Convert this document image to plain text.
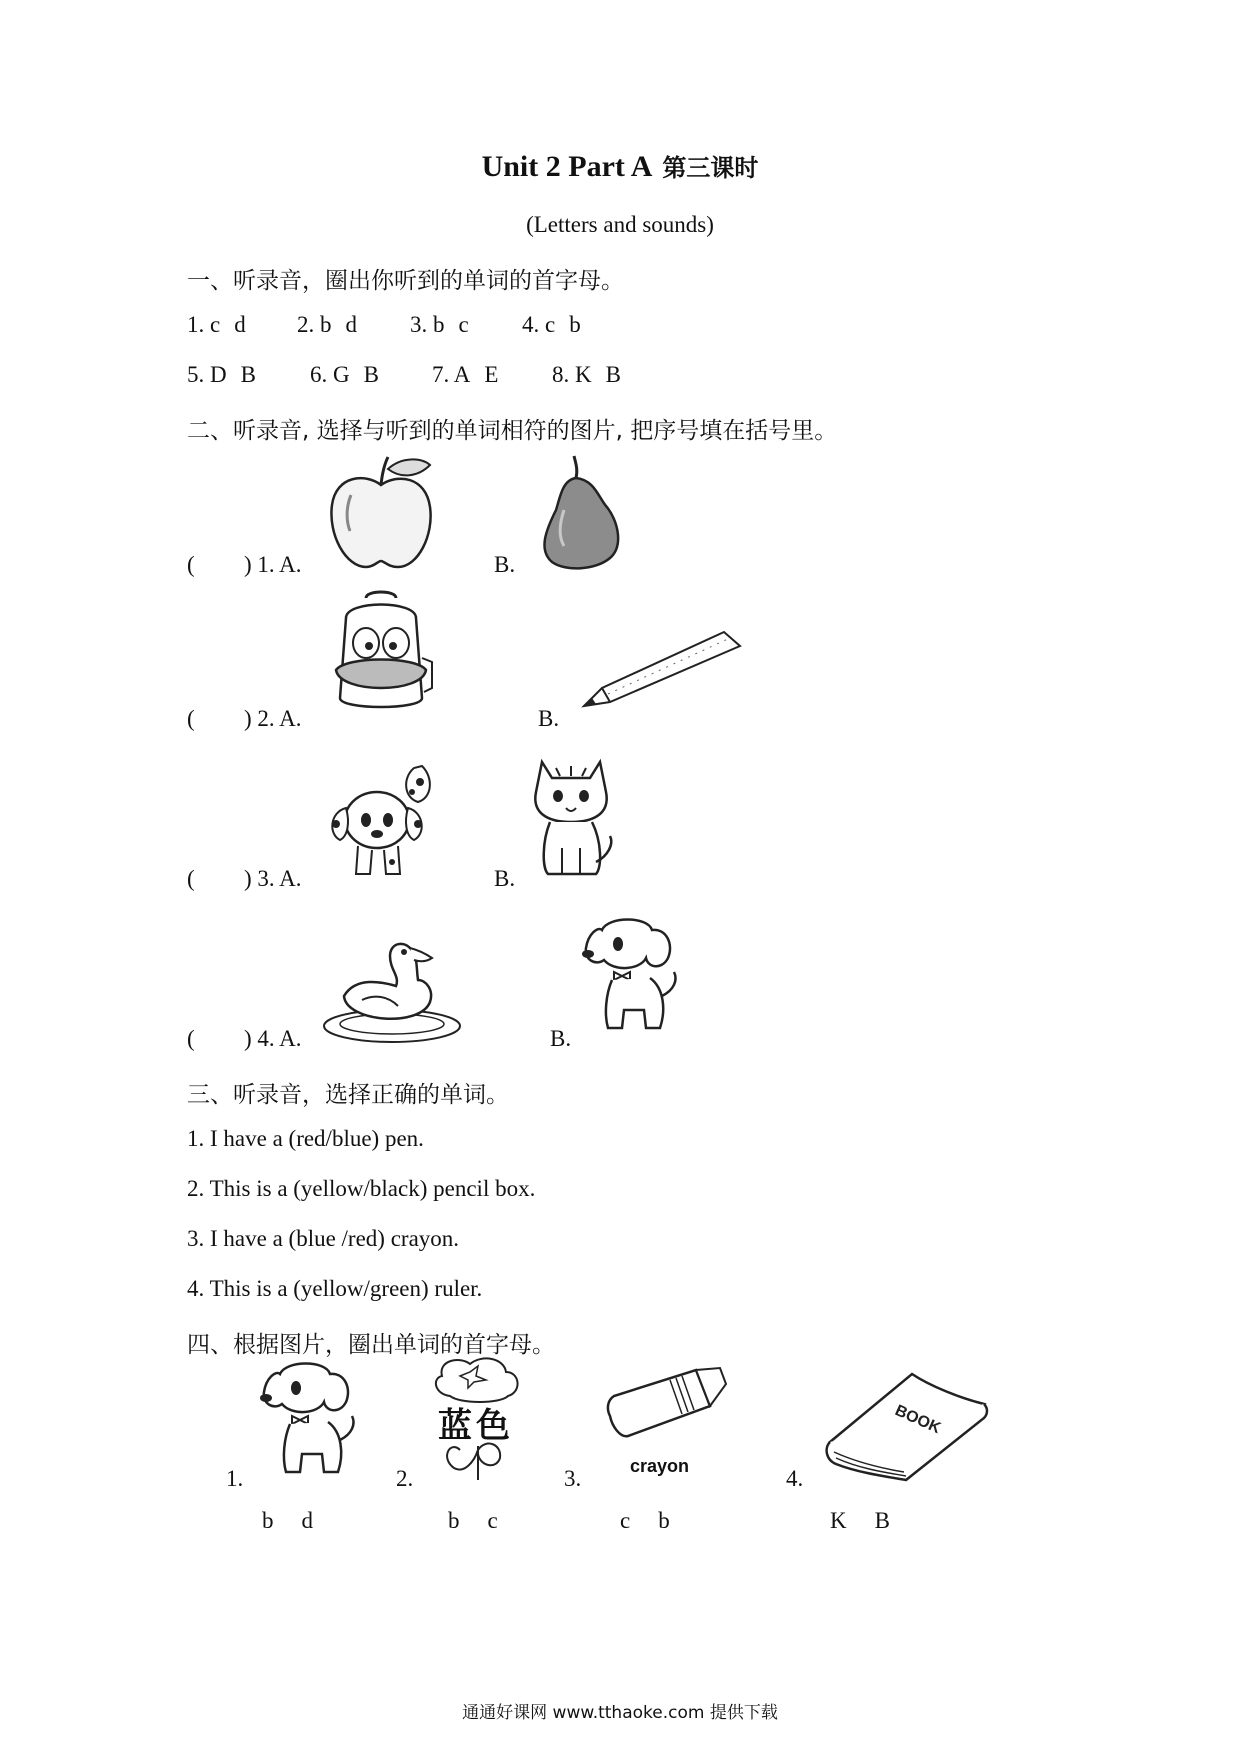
Unit 2 Part A 第三课时
(Letters and sounds)
一、听录音，圈出你听到的单词的首字母。
1. c d 2. b d 3. b c 4. c b
5. D B 6. G B 7. A E 8. K B
二、听录音, 选择与听到的单词相符的图片, 把序号填在括号里。
( ) 1. A.	B.
( ) 2. A.	B.
( ) 3. A.	B.
( ) 4. A.	B.
三、听录音，选择正确的单词。
1. I have a (red/blue) pen.
2. This is a (yellow/black) pencil box.
3. I have a (blue /red) crayon.
4. This is a (yellow/green) ruler.
四、根据图片，圈出单词的首字母。
1.	2.	3.	4.
b d	b c	c b	K B
蓝色
crayon
BOOK
通通好课网 www.tthaoke.com 提供下载
